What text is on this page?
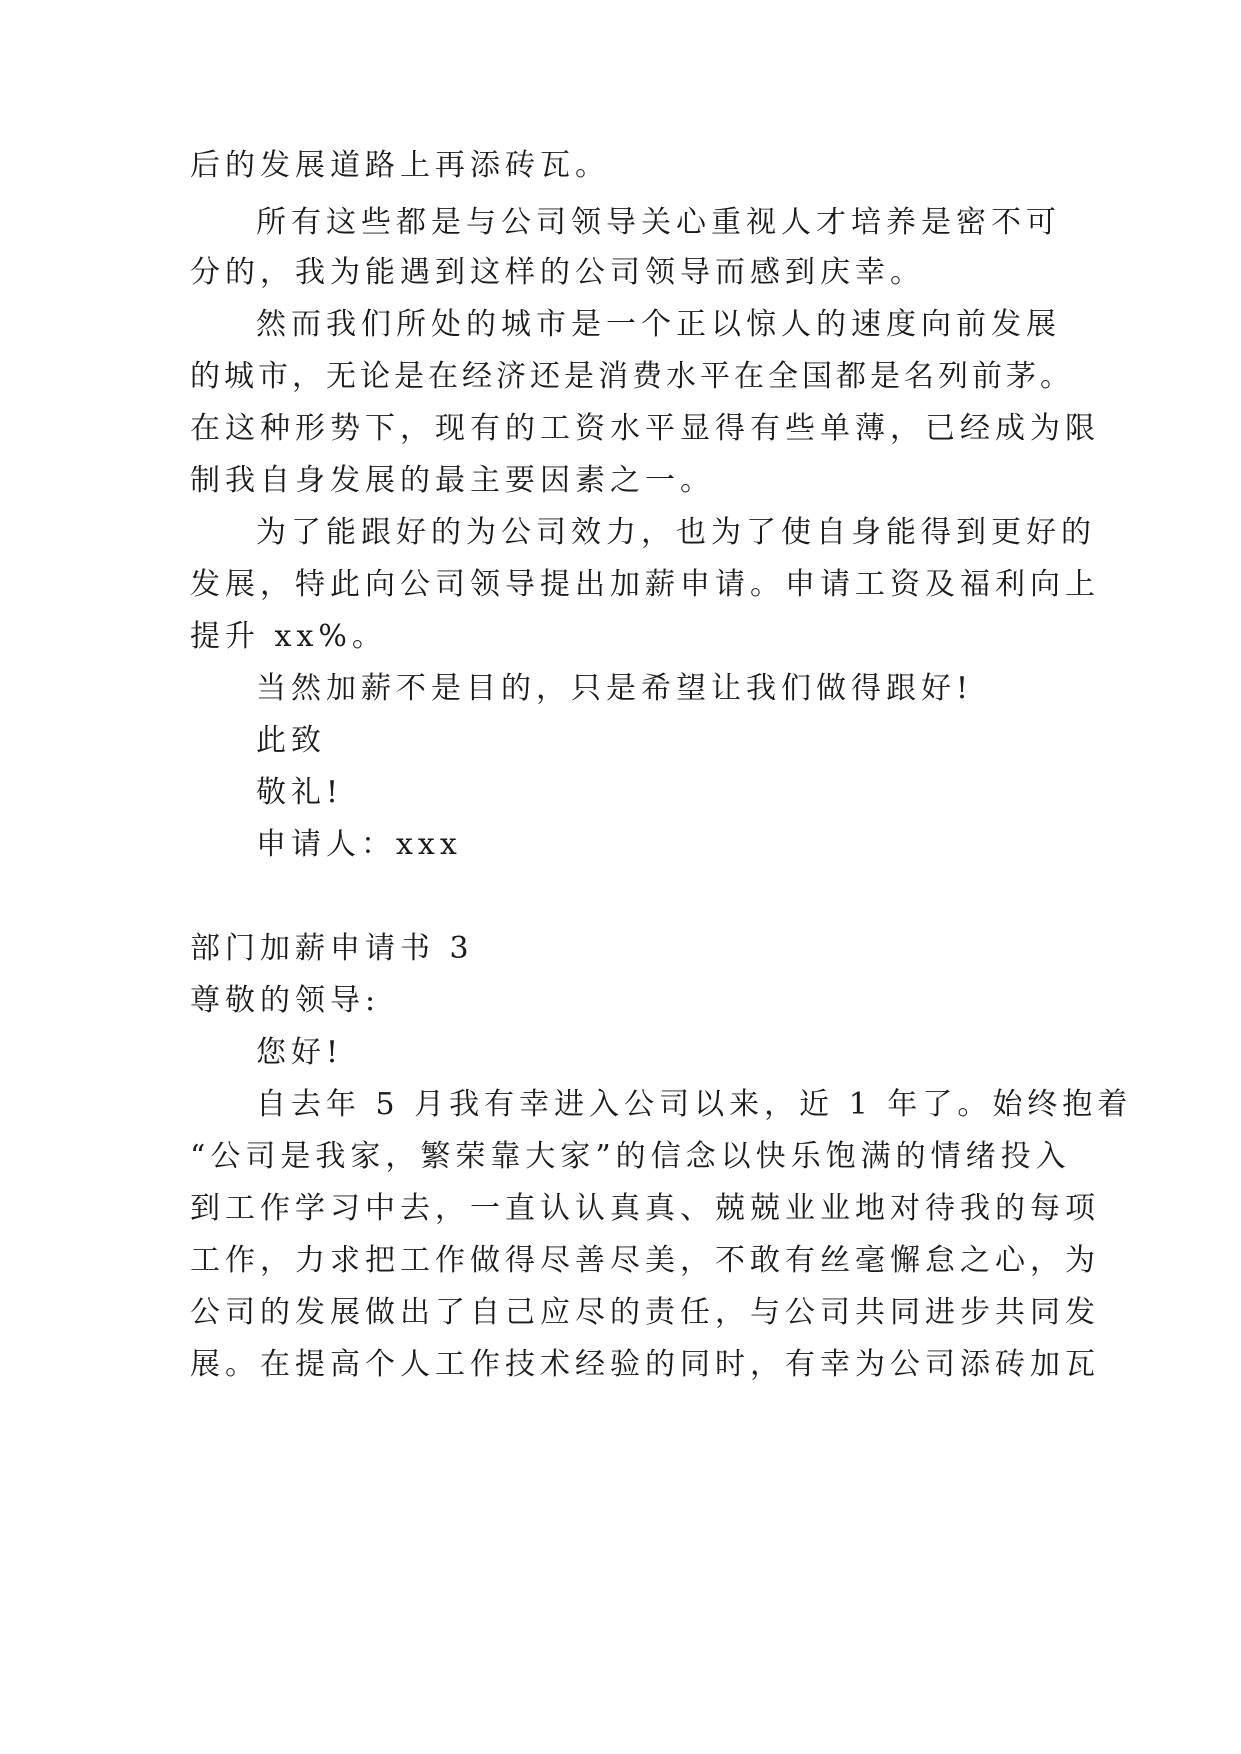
后的发展道路上再添砖瓦。
所有这些都是与公司领导关心重视人才培养是密不可
分的，我为能遇到这样的公司领导而感到庆幸。
然而我们所处的城市是一个正以惊人的速度向前发展
的城市，无论是在经济还是消费水平在全国都是名列前茅。
在这种形势下，现有的工资水平显得有些单薄，已经成为限
制我自身发展的最主要因素之一。
为了能跟好的为公司效力，也为了使自身能得到更好的
发展，特此向公司领导提出加薪申请。申请工资及福利向上
提升 xx%。
当然加薪不是目的，只是希望让我们做得跟好!
此致
敬礼!
申请人：xxx
部门加薪申请书 3
尊敬的领导:
您好!
自去年 5 月我有幸进入公司以来，近 1 年了。始终抱着
“公司是我家，繁荣靠大家”的信念以快乐饱满的情绪投入
到工作学习中去，一直认认真真、兢兢业业地对待我的每项
工作，力求把工作做得尽善尽美，不敢有丝毫懈怠之心，为
公司的发展做出了自己应尽的责任，与公司共同进步共同发
展。在提高个人工作技术经验的同时，有幸为公司添砖加瓦
